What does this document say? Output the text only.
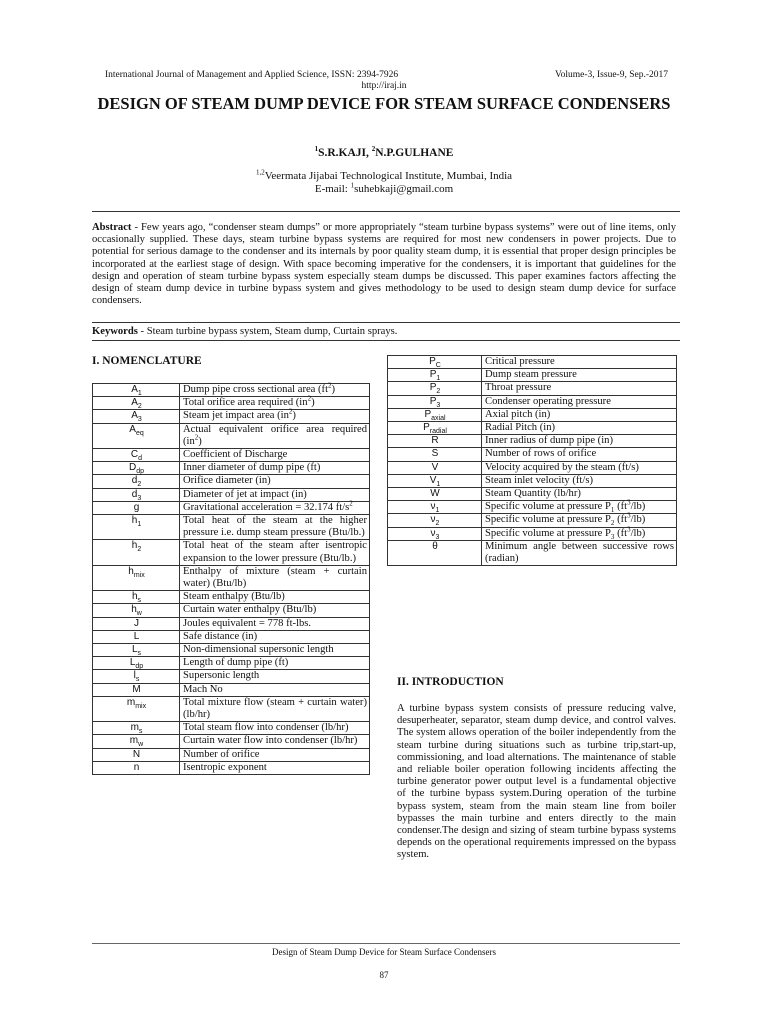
International Journal of Management and Applied Science, ISSN: 2394-7926	Volume-3, Issue-9, Sep.-2017
http://iraj.in
DESIGN OF STEAM DUMP DEVICE FOR STEAM SURFACE CONDENSERS
$^1$S.R.KAJI, $^2$N.P.GULHANE
$^{1,2}$Veermata Jijabai Technological Institute, Mumbai, India
E-mail: $^1$suhebkaji@gmail.com
Abstract - Few years ago, “condenser steam dumps” or more appropriately “steam turbine bypass systems” were out of line items, only occasionally supplied. These days, steam turbine bypass systems are required for most new condensers in power projects. Due to potential for serious damage to the condenser and its internals by poor quality steam dump, it is essential that proper design principles be incorporated at the earliest stage of design. With space becoming imperative for the condensers, it is important that guidelines for the design and operation of steam turbine bypass system especially steam dumps be discussed. This paper examines factors affecting the design of steam dump device in turbine bypass system and gives methodology to be used to design steam dump device for surface condensers.
Keywords - Steam turbine bypass system, Steam dump, Curtain sprays.
I. NOMENCLATURE
$A_1$	Dump pipe cross sectional area $(ft^2)$
$A_2$	Total orifice area required $(in^2)$
$A_3$	Steam jet impact area $(in^2)$
$A_{eq}$	Actual equivalent orifice area required $(in^2)$
$C_d$	Coefficient of Discharge
$D_{dp}$	Inner diameter of dump pipe (ft)
$d_2$	Orifice diameter (in)
$d_3$	Diameter of jet at impact (in)
g	Gravitational acceleration = 32.174 $ft/s^2$
$h_1$	Total heat of the steam at the higher pressure i.e. dump steam pressure (Btu/lb.)
$h_2$	Total heat of the steam after isentropic expansion to the lower pressure (Btu/lb.)
$h_{mix}$	Enthalpy of mixture (steam + curtain water) (Btu/lb)
$h_s$	Steam enthalpy (Btu/lb)
$h_w$	Curtain water enthalpy (Btu/lb)
J	Joules equivalent = 778 ft-lbs.
L	Safe distance (in)
$L_s$	Non-dimensional supersonic length
$L_{dp}$	Length of dump pipe (ft)
$l_s$	Supersonic length
M	Mach No
$m_{mix}$	Total mixture flow (steam + curtain water) (lb/hr)
$m_s$	Total steam flow into condenser (lb/hr)
$m_w$	Curtain water flow into condenser (lb/hr)
N	Number of orifice
n	Isentropic exponent
$P_C$	Critical pressure
$P_1$	Dump steam pressure
$P_2$	Throat pressure
$P_3$	Condenser operating pressure
$P_{axial}$	Axial pitch (in)
$P_{radial}$	Radial Pitch (in)
R	Inner radius of dump pipe (in)
S	Number of rows of orifice
V	Velocity acquired by the steam (ft/s)
$V_1$	Steam inlet velocity (ft/s)
W	Steam Quantity (lb/hr)
$\nu_1$	Specific volume at pressure $P_1$ $(ft^3/lb)$
$\nu_2$	Specific volume at pressure $P_2$ $(ft^3/lb)$
$\nu_3$	Specific volume at pressure $P_3$ $(ft^3/lb)$
θ	Minimum angle between successive rows (radian)
II. INTRODUCTION
A turbine bypass system consists of pressure reducing valve, desuperheater, separator, steam dump device, and control valves. The system allows operation of the boiler independently from the steam turbine during situations such as turbine trip,start-up, commissioning, and load alternations. The maintenance of stable and reliable boiler operation following incidents affecting the turbine generator power output level is a fundamental objective of the turbine bypass system.During operation of the turbine bypass system, steam from the main steam line from boiler bypasses the main turbine and enters directly to the main condenser.The design and sizing of steam turbine bypass systems depends on the operational requirements impressed on the bypass system.
Design of Steam Dump Device for Steam Surface Condensers
87
